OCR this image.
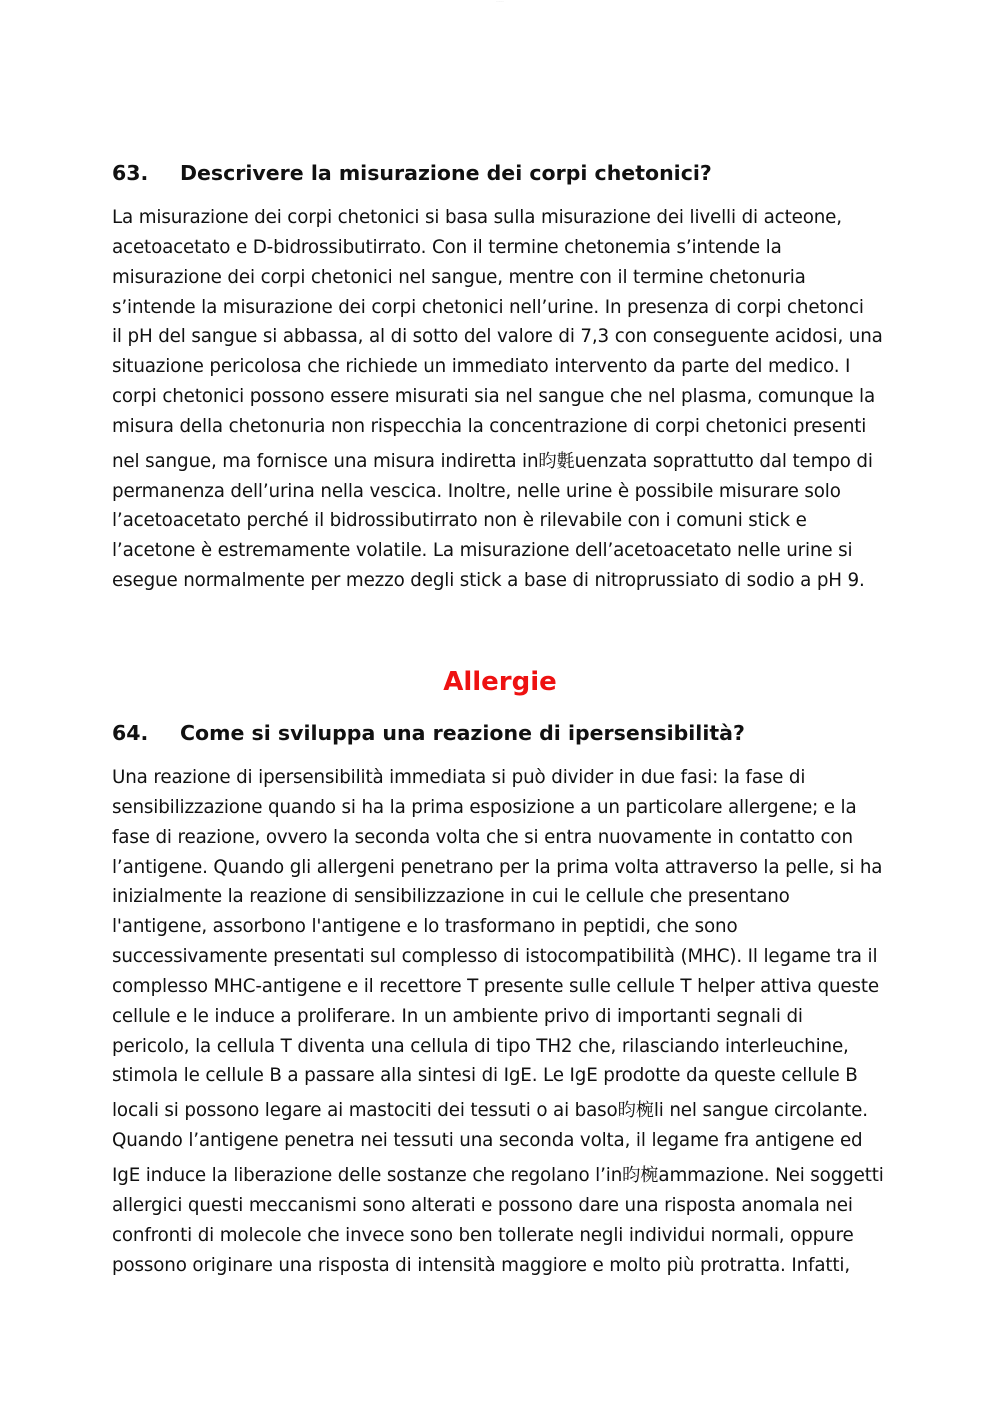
·········
63. Descrivere la misurazione dei corpi chetonici?
La misurazione dei corpi chetonici si basa sulla misurazione dei livelli di acteone,
acetoacetato e D-bidrossibutirrato. Con il termine chetonemia s’intende la
misurazione dei corpi chetonici nel sangue, mentre con il termine chetonuria
s’intende la misurazione dei corpi chetonici nell’urine. In presenza di corpi chetonci
il pH del sangue si abbassa, al di sotto del valore di 7,3 con conseguente acidosi, una
situazione pericolosa che richiede un immediato intervento da parte del medico. I
corpi chetonici possono essere misurati sia nel sangue che nel plasma, comunque la
misura della chetonuria non rispecchia la concentrazione di corpi chetonici presenti
nel sangue, ma fornisce una misura indiretta in昀氀uenzata soprattutto dal tempo di
permanenza dell’urina nella vescica. Inoltre, nelle urine è possibile misurare solo
l’acetoacetato perché il bidrossibutirrato non è rilevabile con i comuni stick e
l’acetone è estremamente volatile. La misurazione dell’acetoacetato nelle urine si
esegue normalmente per mezzo degli stick a base di nitroprussiato di sodio a pH 9.
Allergie
64. Come si sviluppa una reazione di ipersensibilità?
Una reazione di ipersensibilità immediata si può divider in due fasi: la fase di
sensibilizzazione quando si ha la prima esposizione a un particolare allergene; e la
fase di reazione, ovvero la seconda volta che si entra nuovamente in contatto con
l’antigene. Quando gli allergeni penetrano per la prima volta attraverso la pelle, si ha
inizialmente la reazione di sensibilizzazione in cui le cellule che presentano
l'antigene, assorbono l'antigene e lo trasformano in peptidi, che sono
successivamente presentati sul complesso di istocompatibilità (MHC). Il legame tra il
complesso MHC-antigene e il recettore T presente sulle cellule T helper attiva queste
cellule e le induce a proliferare. In un ambiente privo di importanti segnali di
pericolo, la cellula T diventa una cellula di tipo TH2 che, rilasciando interleuchine,
stimola le cellule B a passare alla sintesi di IgE. Le IgE prodotte da queste cellule B
locali si possono legare ai mastociti dei tessuti o ai baso昀椀li nel sangue circolante.
Quando l’antigene penetra nei tessuti una seconda volta, il legame fra antigene ed
IgE induce la liberazione delle sostanze che regolano l’in昀椀ammazione. Nei soggetti
allergici questi meccanismi sono alterati e possono dare una risposta anomala nei
confronti di molecole che invece sono ben tollerate negli individui normali, oppure
possono originare una risposta di intensità maggiore e molto più protratta. Infatti,
